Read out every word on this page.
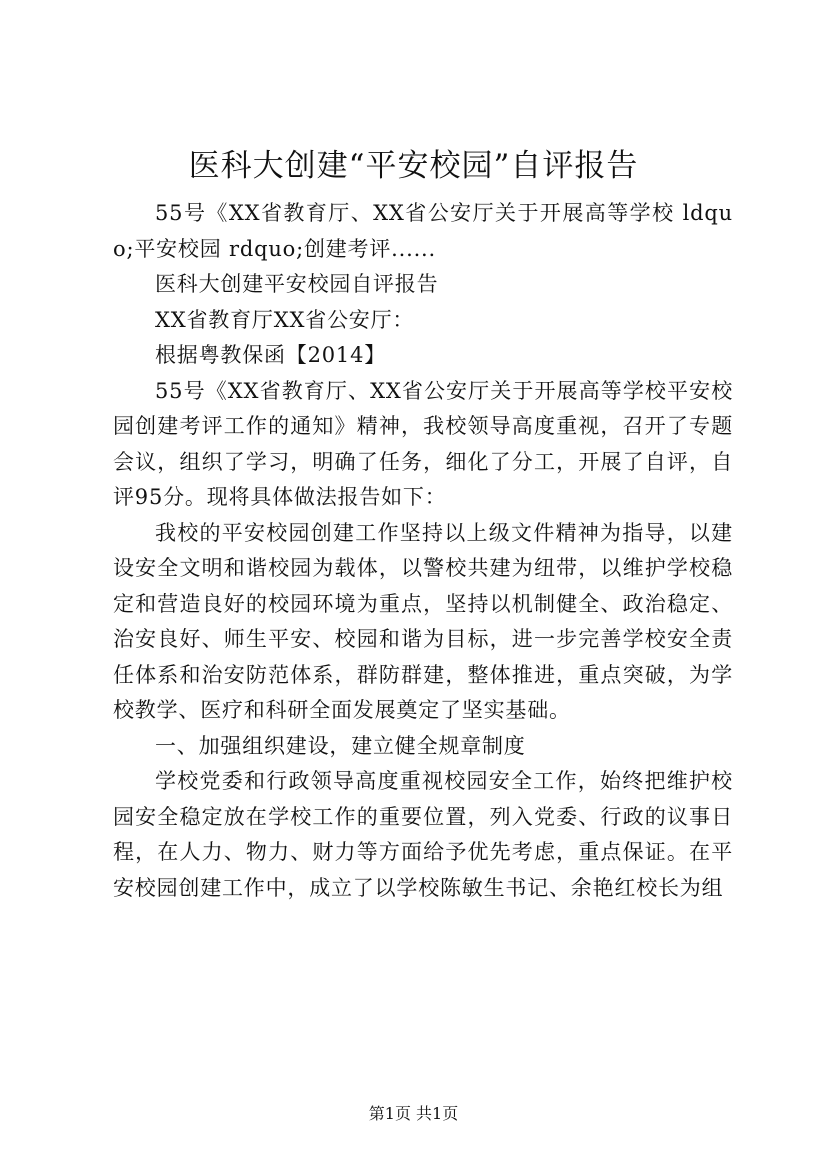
医科大创建“平安校园”自评报告

55号《XX省教育厅、XX省公安厅关于开展高等学校 ldquo;平安校园 rdquo;创建考评......

医科大创建平安校园自评报告

XX省教育厅XX省公安厅：

根据粤教保函【2014】

55号《XX省教育厅、XX省公安厅关于开展高等学校平安校园创建考评工作的通知》精神，我校领导高度重视，召开了专题会议，组织了学习，明确了任务，细化了分工，开展了自评，自评95分。现将具体做法报告如下：

我校的平安校园创建工作坚持以上级文件精神为指导，以建设安全文明和谐校园为载体，以警校共建为纽带，以维护学校稳定和营造良好的校园环境为重点，坚持以机制健全、政治稳定、治安良好、师生平安、校园和谐为目标，进一步完善学校安全责任体系和治安防范体系，群防群建，整体推进，重点突破，为学校教学、医疗和科研全面发展奠定了坚实基础。

一、加强组织建设，建立健全规章制度

学校党委和行政领导高度重视校园安全工作，始终把维护校园安全稳定放在学校工作的重要位置，列入党委、行政的议事日程，在人力、物力、财力等方面给予优先考虑，重点保证。在平安校园创建工作中，成立了以学校陈敏生书记、余艳红校长为组

第1页 共1页
